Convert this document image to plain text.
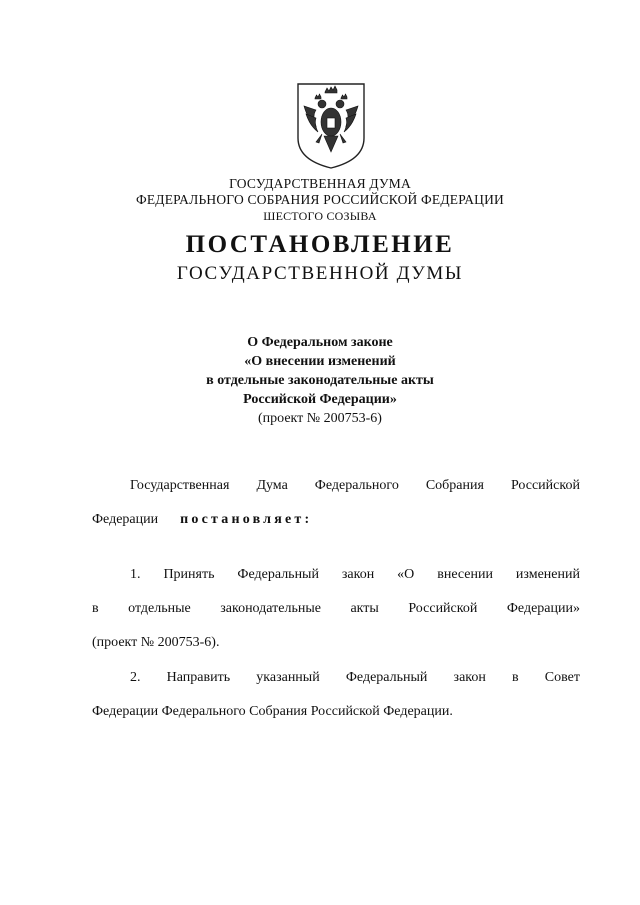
ГОСУДАРСТВЕННАЯ ДУМА
ФЕДЕРАЛЬНОГО СОБРАНИЯ РОССИЙСКОЙ ФЕДЕРАЦИИ
ШЕСТОГО СОЗЫВА
ПОСТАНОВЛЕНИЕ
ГОСУДАРСТВЕННОЙ ДУМЫ
О Федеральном законе
«О внесении изменений
в отдельные законодательные акты
Российской Федерации»
(проект № 200753-6)
Государственная Дума Федерального Собрания Российской
Федерации постановляет:
1.   Принять   Федеральный   закон   «О   внесении   изменений
в    отдельные    законодательные    акты    Российской    Федерации»
(проект № 200753-6).
2.   Направить   указанный   Федеральный   закон   в   Совет
Федерации Федерального Собрания Российской Федерации.
